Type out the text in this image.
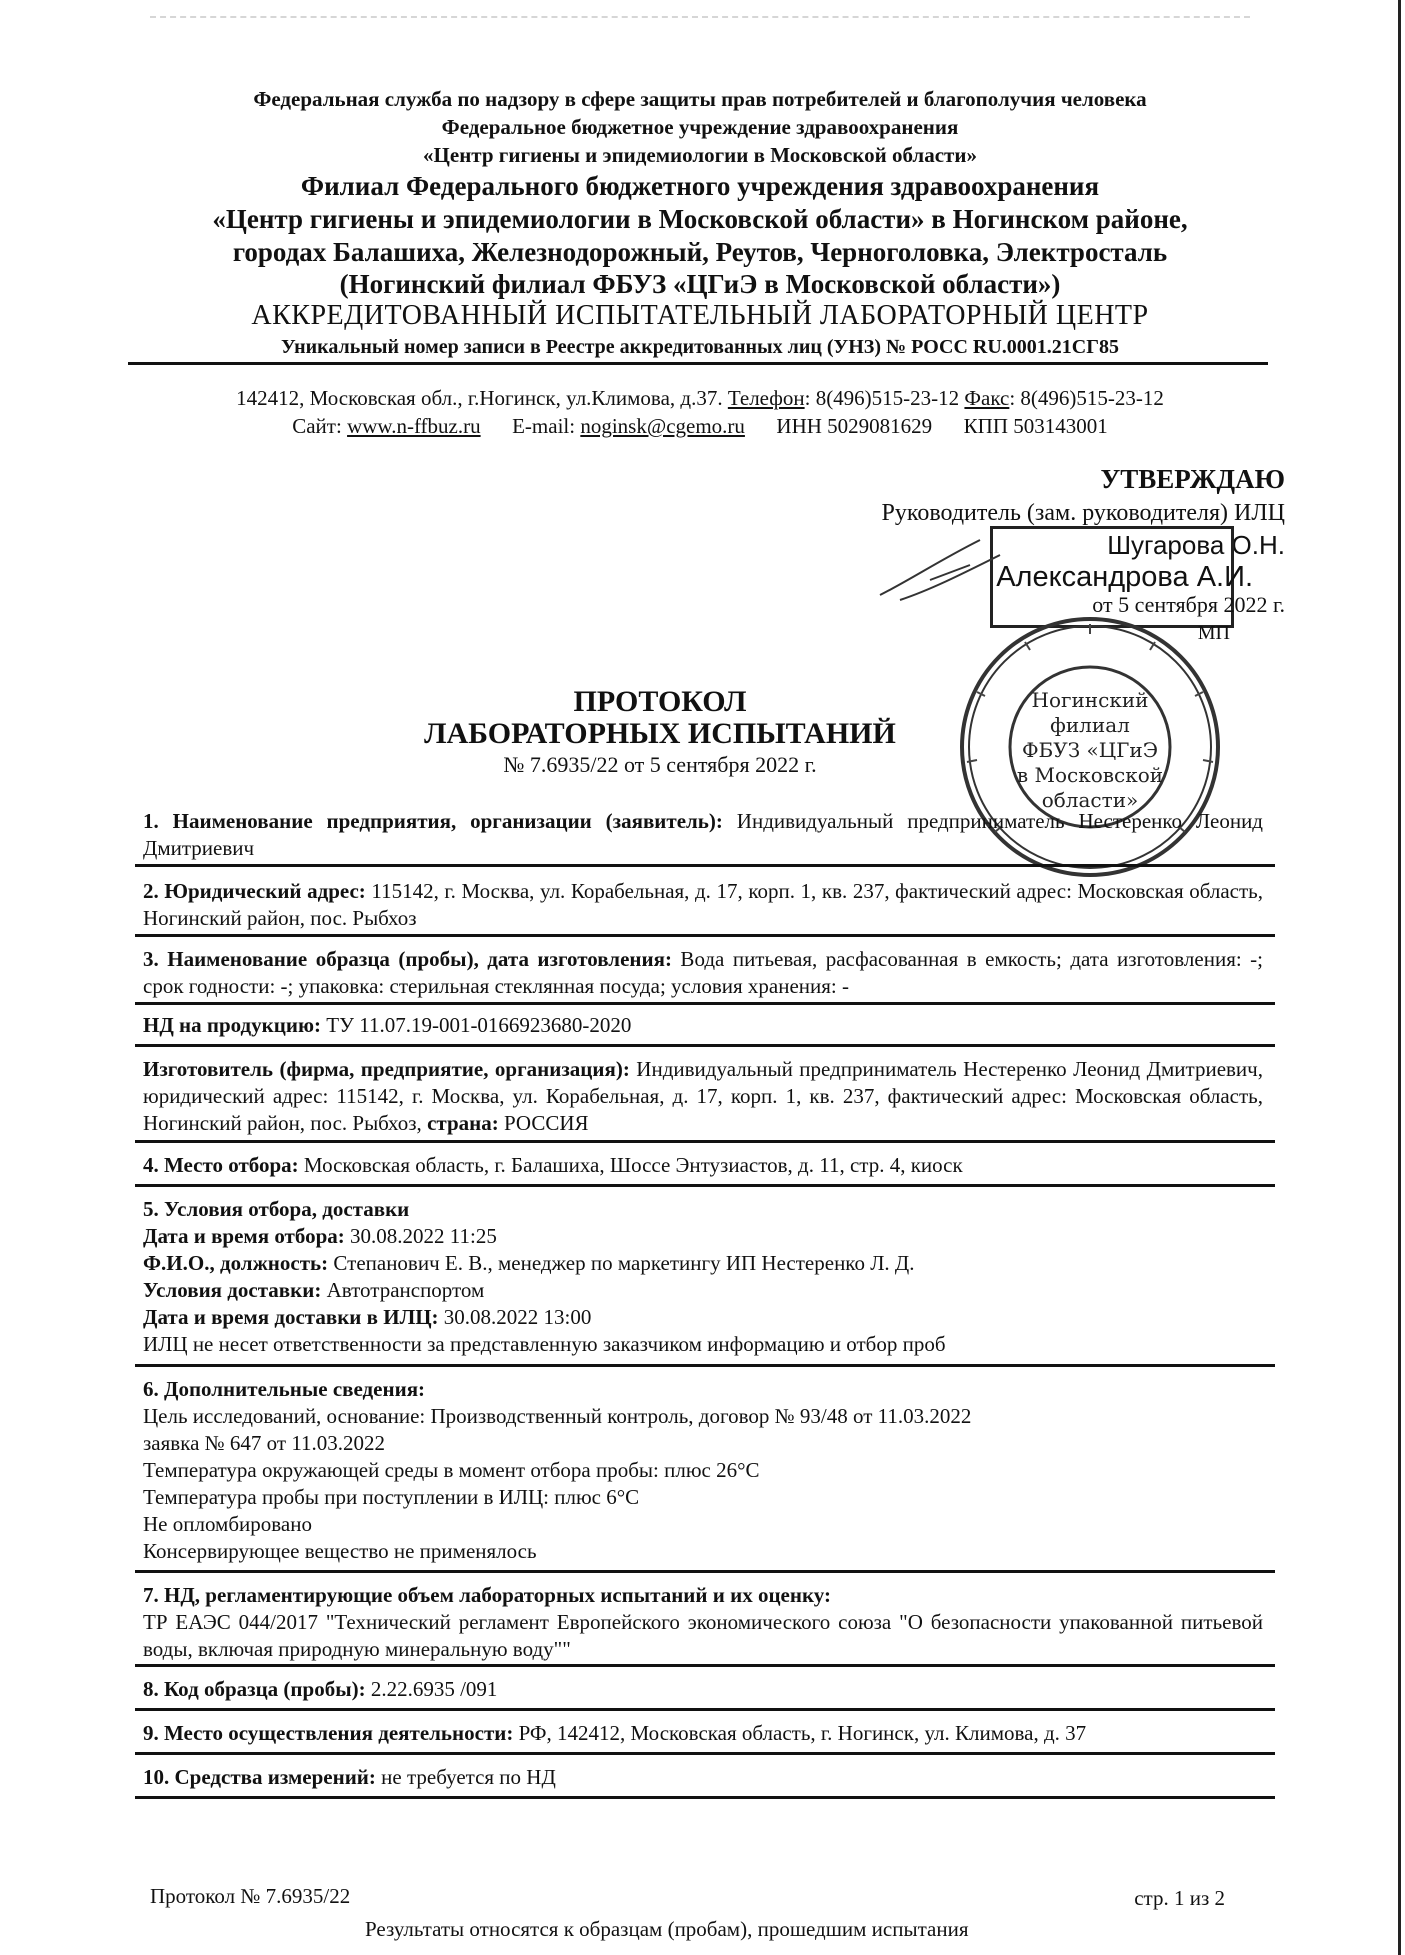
Федеральная служба по надзору в сфере защиты прав потребителей и благополучия человека
Федеральное бюджетное учреждение здравоохранения
«Центр гигиены и эпидемиологии в Московской области»
Филиал Федерального бюджетного учреждения здравоохранения
«Центр гигиены и эпидемиологии в Московской области» в Ногинском районе,
городах Балашиха, Железнодорожный, Реутов, Черноголовка, Электросталь
(Ногинский филиал ФБУЗ «ЦГиЭ в Московской области»)
АККРЕДИТОВАННЫЙ ИСПЫТАТЕЛЬНЫЙ ЛАБОРАТОРНЫЙ ЦЕНТР
Уникальный номер записи в Реестре аккредитованных лиц (УНЗ) № РОСС RU.0001.21СГ85
142412, Московская обл., г.Ногинск, ул.Климова, д.37. Телефон: 8(496)515-23-12 Факс: 8(496)515-23-12
Сайт: www.n-ffbuz.ru E-mail: noginsk@cgemo.ru ИНН 5029081629 КПП 503143001
УТВЕРЖДАЮ
Руководитель (зам. руководителя) ИЛЦ
Шугарова О.Н.
Александрова А.И.
от 5 сентября 2022 г.
МП
Ногинский
филиал
ФБУЗ «ЦГиЭ
в Московской
области»
ПРОТОКОЛ
ЛАБОРАТОРНЫХ ИСПЫТАНИЙ
№ 7.6935/22 от 5 сентября 2022 г.

1. Наименование предприятия, организации (заявитель): Индивидуальный предприниматель Нестеренко Леонид Дмитриевич

2. Юридический адрес: 115142, г. Москва, ул. Корабельная, д. 17, корп. 1, кв. 237, фактический адрес: Московская область, Ногинский район, пос. Рыбхоз

3. Наименование образца (пробы), дата изготовления: Вода питьевая, расфасованная в емкость; дата изготовления: -; срок годности: -; упаковка: стерильная стеклянная посуда; условия хранения: -

НД на продукцию: ТУ 11.07.19-001-0166923680-2020

Изготовитель (фирма, предприятие, организация): Индивидуальный предприниматель Нестеренко Леонид Дмитриевич, юридический адрес: 115142, г. Москва, ул. Корабельная, д. 17, корп. 1, кв. 237, фактический адрес: Московская область, Ногинский район, пос. Рыбхоз, страна: РОССИЯ

4. Место отбора: Московская область, г. Балашиха, Шоссе Энтузиастов, д. 11, стр. 4, киоск

5. Условия отбора, доставки

Дата и время отбора: 30.08.2022 11:25

Ф.И.О., должность: Степанович Е. В., менеджер по маркетингу ИП Нестеренко Л. Д.

Условия доставки: Автотранспортом

Дата и время доставки в ИЛЦ: 30.08.2022 13:00

ИЛЦ не несет ответственности за представленную заказчиком информацию и отбор проб

6. Дополнительные сведения:

Цель исследований, основание: Производственный контроль, договор № 93/48 от 11.03.2022

заявка № 647 от 11.03.2022

Температура окружающей среды в момент отбора пробы: плюс 26°С

Температура пробы при поступлении в ИЛЦ: плюс 6°С

Не опломбировано

Консервирующее вещество не применялось

7. НД, регламентирующие объем лабораторных испытаний и их оценку:

ТР ЕАЭС 044/2017 "Технический регламент Европейского экономического союза "О безопасности упакованной питьевой воды, включая природную минеральную воду""

8. Код образца (пробы): 2.22.6935 /091

9. Место осуществления деятельности: РФ, 142412, Московская область, г. Ногинск, ул. Климова, д. 37

10. Средства измерений: не требуется по НД

Протокол № 7.6935/22	стр. 1 из 2
Результаты относятся к образцам (пробам), прошедшим испытания
